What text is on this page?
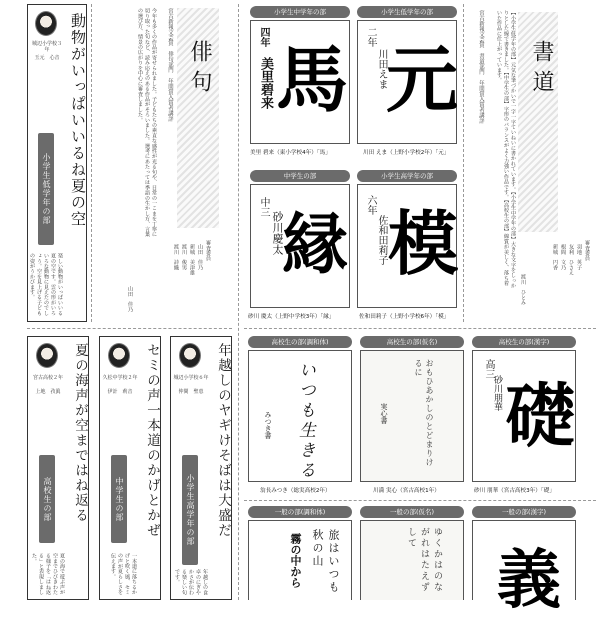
城辺小学校３年
玉元　心音 動物がいっぱいいるね夏の空
小学生低学年の部
楽しい動物がいっぱいいる夏の空です。雲の形がいろいろな動物に見えたのでしょう。空を見上げる子どもの姿がうかびます。
今年も多くの作品が寄せられました。子どもたちの素直な感性が光る句や、日常の一こまを丁寧に切り取った句など、読み応えのある作品がそろいました。選考にあたっては季語の生かし方、言葉の選び方、情景の広がりを中心に審査しました。	宮古新報文芸賞　俳句部門　年間賞入賞者講評 俳句
審査委員
山田　佳乃
新城　美津雄
渡川　俊男
渡川　詩織
山田　佳乃
宮古高校２年
上地　孜眞 夏の海声が空まではね返る
高校生の部
夏の海で遊ぶ声が空までひびきわたる様子を「はね返る」と表現しました。
久松中学校２年
伊計　莉音 セミの声一本道のかげとかぜ
中学生の部
一本道に落ちるかげと吹く風、セミの声が夏らしさを伝えます。
城辺小学校６年
仲間　聖恵 年越しのヤギけそばは大盛だ
小学生高学年の部
年越しの食卓のにぎやかさが伝わる楽しい句です。
小学生中学年の部
四年
美里碧来 馬
美里 碧来（東小学校4年）「馬」
小学生低学年の部
二年
川田えま 元
川田 えま（上野小学校2年）「元」
中学生の部
中三
砂川慶太
縁
砂川 慶太（上野中学校3年）「縁」
小学生高学年の部
六年
佐和田莉子 模
佐和田莉子（上野小学校6年）「模」
宮古新報文芸賞　書道部門　年間賞入賞者講評	【小学生低学年の部】元気な筆づかいで一字一字ていねいに書かれています。【小学生中学年の部】大きな文字をしっかりとした線で書きました。【中学生の部】字形のバランスがよく力強い作品です。【高校生の部】線質が美しく、落ち着いた作品に仕上がっています。	書道
審査委員
羽地　英子
友利　ひさえ
根間　文乃
新城　円香
渡川　ひとみ
高校生の部(調和体)
いつも生きる
みつき書
翁長みつき（総実高校2年）
高校生の部(仮名)
おもひあかしのとどまりけるに
実心書
川満 実心（宮古高校1年）
高校生の部(漢字)
高三
砂川朋華 礎
砂川 朋華（宮古高校3年）「礎」
一般の部(調和体)
旅はいつも秋の山
霧の中から
一般の部(仮名)
ゆくかはのながれはたえずして
一般の部(漢字)
義
